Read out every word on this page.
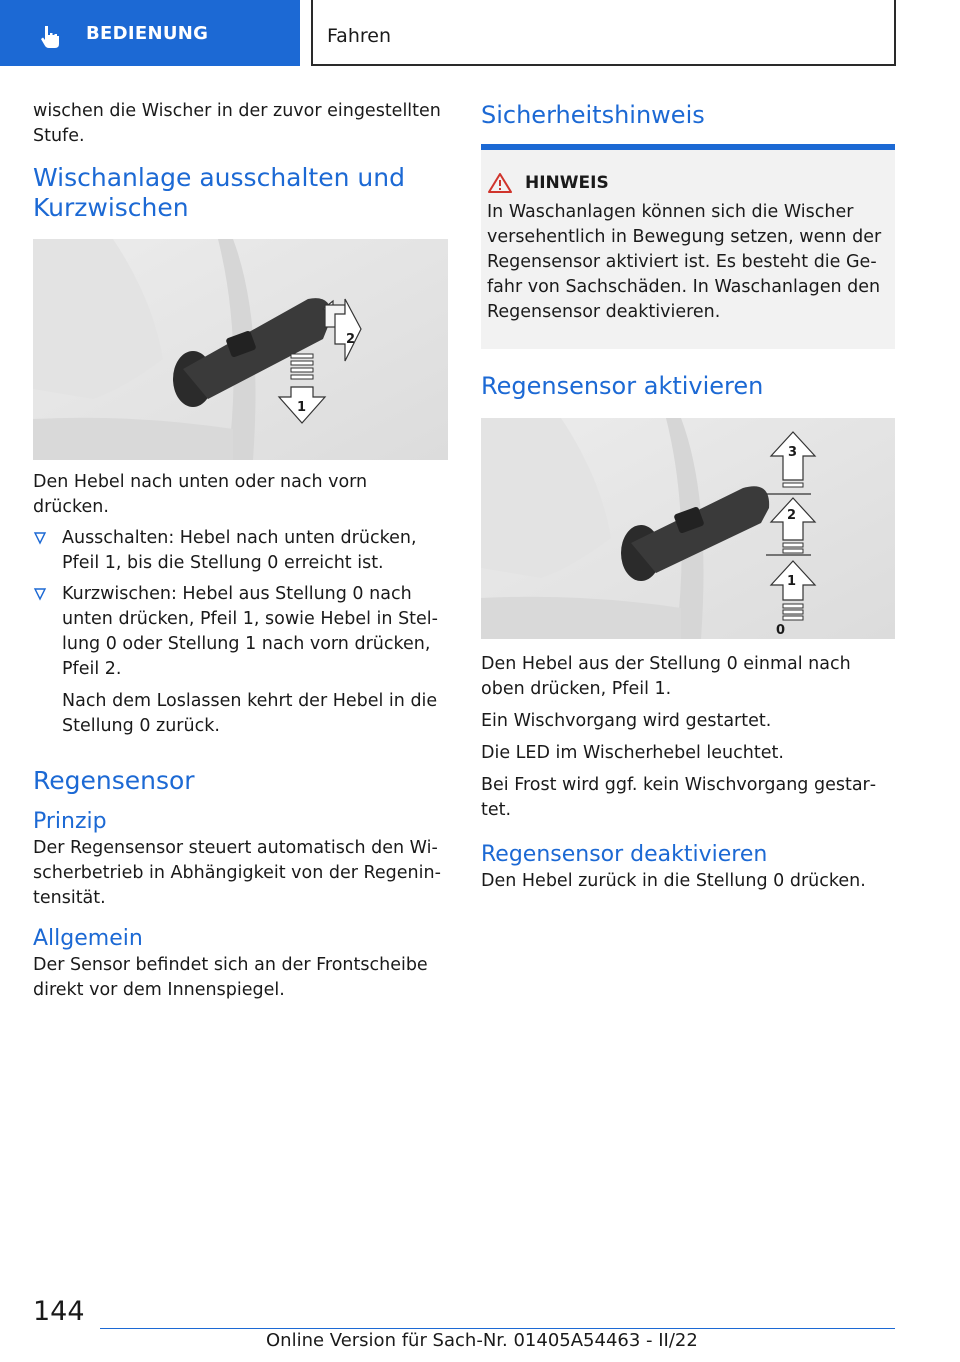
BEDIENUNG	Fahren

wischen die Wischer in der zuvor eingestellten Stufe.

Wischanlage ausschalten und Kurzwischen
2
1

Den Hebel nach unten oder nach vorn drücken.

Ausschalten: Hebel nach unten drücken, Pfeil 1, bis die Stellung 0 erreicht ist.
Kurzwischen: Hebel aus Stellung 0 nach unten drücken, Pfeil 1, sowie Hebel in Stellung 0 oder Stellung 1 nach vorn drücken, Pfeil 2.

Nach dem Loslassen kehrt der Hebel in die Stellung 0 zurück.

Regensensor
Prinzip

Der Regensensor steuert automatisch den Wischerbetrieb in Abhängigkeit von der Regenintensität.

Allgemein

Der Sensor befindet sich an der Frontscheibe direkt vor dem Innenspiegel.

Sicherheitshinweis
HINWEIS

In Waschanlagen können sich die Wischer versehentlich in Bewegung setzen, wenn der Regensensor aktiviert ist. Es besteht die Gefahr von Sachschäden. In Waschanlagen den Regensensor deaktivieren.

Regensensor aktivieren
3
2
1
0

Den Hebel aus der Stellung 0 einmal nach oben drücken, Pfeil 1.

Ein Wischvorgang wird gestartet.

Die LED im Wischerhebel leuchtet.

Bei Frost wird ggf. kein Wischvorgang gestartet.

Regensensor deaktivieren

Den Hebel zurück in die Stellung 0 drücken.

144
Online Version für Sach-Nr. 01405A54463 - II/22
